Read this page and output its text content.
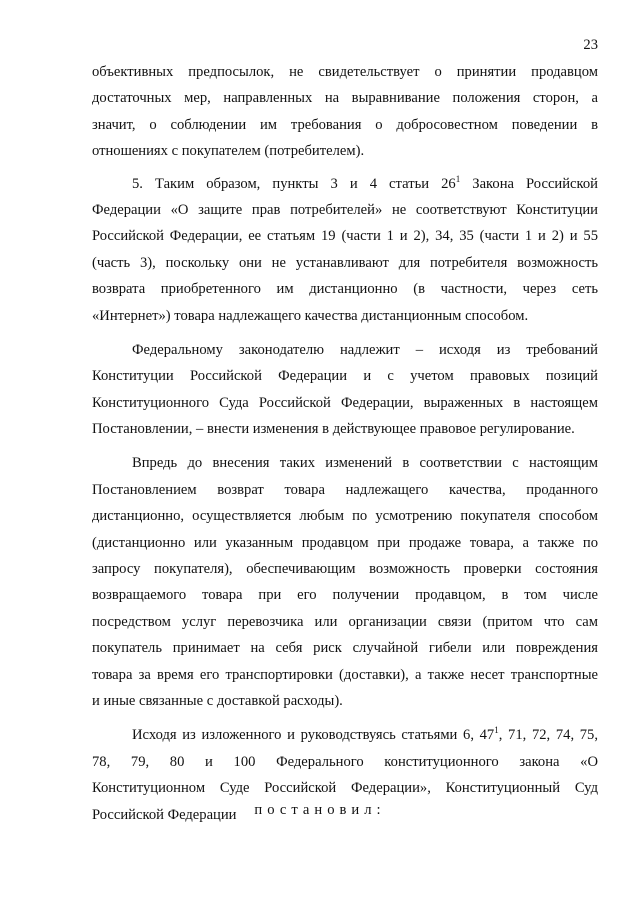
23

объективных предпосылок, не свидетельствует о принятии продавцом

достаточных мер, направленных на выравнивание положения сторон, а

значит, о соблюдении им требования о добросовестном поведении в

отношениях с покупателем (потребителем).

5. Таким образом, пункты 3 и 4 статьи $26^1$ Закона Российской

Федерации «О защите прав потребителей» не соответствуют Конституции

Российской Федерации, ее статьям 19 (части 1 и 2), 34, 35 (части 1 и 2) и 55

(часть 3), поскольку они не устанавливают для потребителя возможность

возврата приобретенного им дистанционно (в частности, через сеть

«Интернет») товара надлежащего качества дистанционным способом.

Федеральному законодателю надлежит – исходя из требований

Конституции Российской Федерации и с учетом правовых позиций

Конституционного Суда Российской Федерации, выраженных в настоящем

Постановлении, – внести изменения в действующее правовое регулирование.

Впредь до внесения таких изменений в соответствии с настоящим

Постановлением возврат товара надлежащего качества, проданного

дистанционно, осуществляется любым по усмотрению покупателя способом

(дистанционно или указанным продавцом при продаже товара, а также по

запросу покупателя), обеспечивающим возможность проверки состояния

возвращаемого товара при его получении продавцом, в том числе

посредством услуг перевозчика или организации связи (притом что сам

покупатель принимает на себя риск случайной гибели или повреждения

товара за время его транспортировки (доставки), а также несет транспортные

и иные связанные с доставкой расходы).

Исходя из изложенного и руководствуясь статьями 6, $47^1$, 71, 72, 74, 75,

78, 79, 80 и 100 Федерального конституционного закона «О

Конституционном Суде Российской Федерации», Конституционный Суд

Российской Федерации	постановил:
